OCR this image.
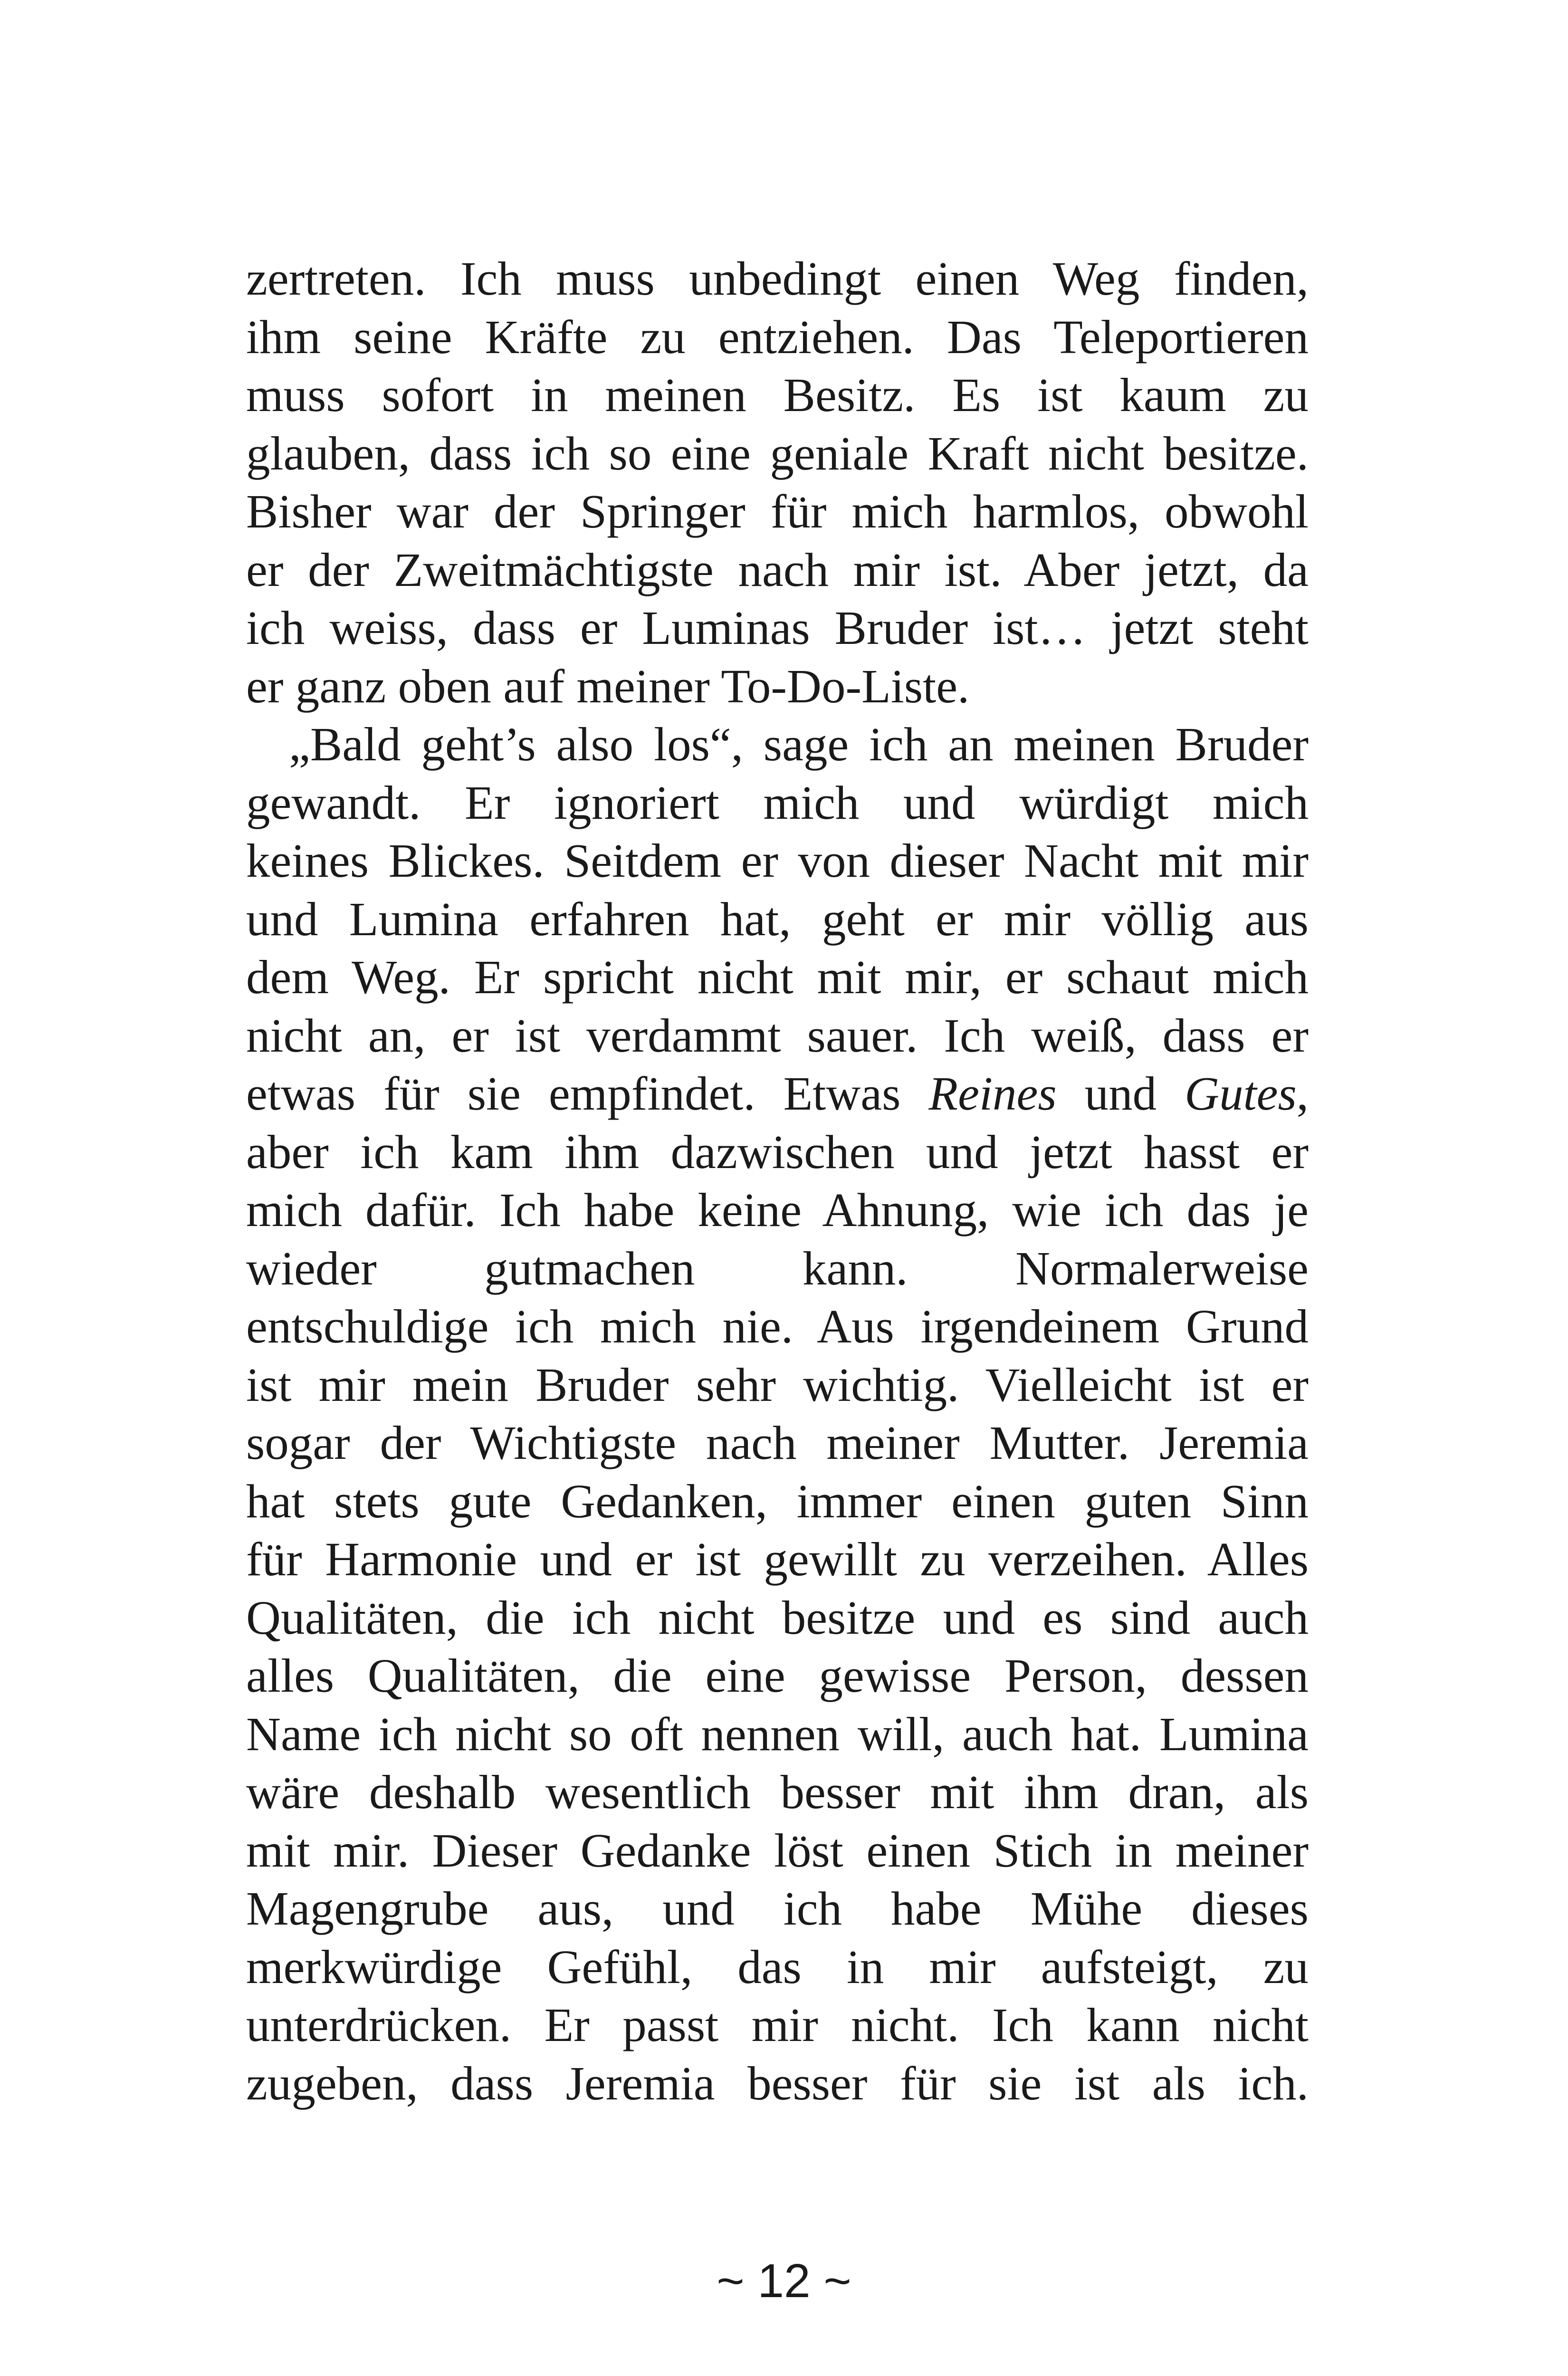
zertreten. Ich muss unbedingt einen Weg finden,
ihm seine Kräfte zu entziehen. Das Teleportieren
muss sofort in meinen Besitz. Es ist kaum zu
glauben, dass ich so eine geniale Kraft nicht besitze.
Bisher war der Springer für mich harmlos, obwohl
er der Zweitmächtigste nach mir ist. Aber jetzt, da
ich weiss, dass er Luminas Bruder ist… jetzt steht
er ganz oben auf meiner To-Do-Liste.
„Bald geht’s also los“, sage ich an meinen Bruder
gewandt. Er ignoriert mich und würdigt mich
keines Blickes. Seitdem er von dieser Nacht mit mir
und Lumina erfahren hat, geht er mir völlig aus
dem Weg. Er spricht nicht mit mir, er schaut mich
nicht an, er ist verdammt sauer. Ich weiß, dass er
etwas für sie empfindet. Etwas Reines und Gutes,
aber ich kam ihm dazwischen und jetzt hasst er
mich dafür. Ich habe keine Ahnung, wie ich das je
wieder gutmachen kann. Normalerweise
entschuldige ich mich nie. Aus irgendeinem Grund
ist mir mein Bruder sehr wichtig. Vielleicht ist er
sogar der Wichtigste nach meiner Mutter. Jeremia
hat stets gute Gedanken, immer einen guten Sinn
für Harmonie und er ist gewillt zu verzeihen. Alles
Qualitäten, die ich nicht besitze und es sind auch
alles Qualitäten, die eine gewisse Person, dessen
Name ich nicht so oft nennen will, auch hat. Lumina
wäre deshalb wesentlich besser mit ihm dran, als
mit mir. Dieser Gedanke löst einen Stich in meiner
Magengrube aus, und ich habe Mühe dieses
merkwürdige Gefühl, das in mir aufsteigt, zu
unterdrücken. Er passt mir nicht. Ich kann nicht
zugeben, dass Jeremia besser für sie ist als ich.
~ 12 ~
